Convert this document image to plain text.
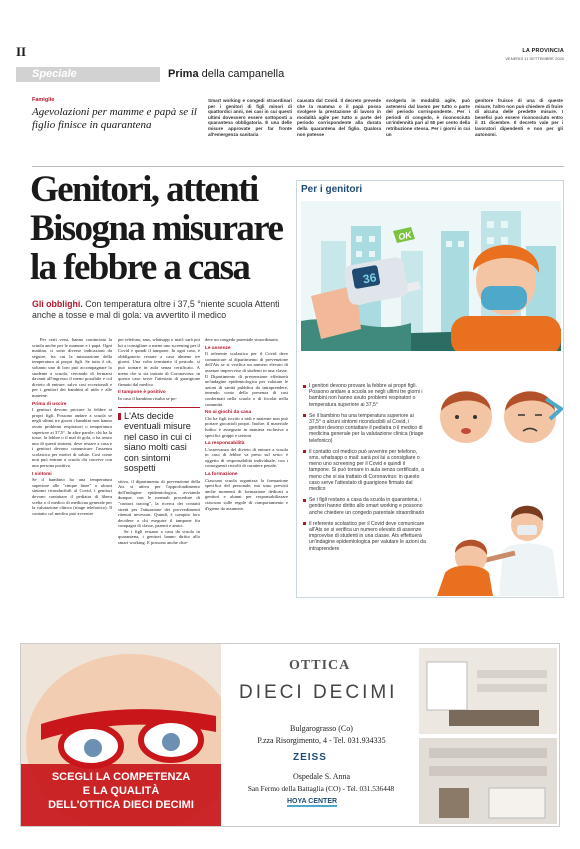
II	LA PROVINCIA
VENERDÌ 11 SETTEMBRE 2020
Speciale	Prima della campanella
Famiglie
Agevolazioni per mamme e papà se il figlio finisce in quarantena
Smart working e congedi straordinari per i genitori di figli minori di quattordici anni, nei casi in cui questi ultimi dovessero essere sottoposti a quarantena obbligatoria. È una delle misure approvate per far fronte all'emergenza sanitaria
causata dal Covid. Il decreto prevede che la mamma o il papà possa svolgere la prestazione di lavoro in modalità agile per tutto o parte del periodo corrispondente alla durata della quarantena del figlio. Qualora non potesse
svolgerla in modalità agile, può astenersi dal lavoro per tutto o parte del periodo corrispondente. Per i periodi di congedo, è riconosciuta un'indennità pari al 50 per cento della retribuzione stessa. Per i giorni in cui un
genitore fruisce di una di queste misure, l'altro non può chiedere di fruire di alcuna delle predette misure. I benefici può essere riconosciuto entro il 31 dicembre. Il decreto vale per i lavoratori dipendenti e non per gli autonomi.
Genitori, attenti
Bisogna misurare
la febbre a casa
Gli obblighi. Con temperatura oltre i 37,5 °niente scuola Attenti anche a tosse e mal di gola: va avvertito il medico

Per certi versi, hanno cominciato la scuola anche per le mamme e i papà. Ogni mattina, ci sono diverse indicazioni da seguire, fra cui la misurazione della temperatura ai propri figli. Se tutto è ok, soltanto uno di loro può accompagnare lo studente a scuola, cercando di fermarsi davanti all'ingresso il meno possibile e col divieto di entrare, salvo casi eccezionali e per i genitori dei bambini al nido e alle materne.

Prima di uscire

I genitori devono provare la febbre ai propri figli. Possono andare a scuola se negli ultimi tre giorni i bambini non hanno avuto problemi respiratori o temperatura superiore ai 37,5°. In altre parole: chi ha la tosse, la febbre o il mal di gola, o ha avuto uno di questi sintomi, deve restare a casa e i genitori devono comunicare l'assenza scolastica per motivi di salute. Così come non può entrare a scuola chi convive con una persona positiva.

I sintomi

Se il bambino ha una temperatura superiore alle "cinque linee" o alcuni sintomi riconducibili al Covid, i genitori devono contattare il pediatra di libera scelta o il medico di medicina generale per la valutazione clinica (triage telefonico). Il contatto col medico può avvenire

per telefono, sms, whatsapp o mail: sarà poi lui a consigliare o meno uno screening per il Covid e quindi il tampone. In ogni caso, è obbligatorio restare a casa almeno tre giorni. Una volta terminato il periodo, si può tornare in aula senza certificato. A meno che si sia trattato di Coronavirus: in questo caso serve l'attestato di guarigione firmato dal medico.

Il tampone è positivo

In caso il bambino risulta se po-

L'Ats decide eventuali misure nel caso in cui ci siano molti casi con sintomi sospetti

sitivo, il dipartimento di prevenzione della Ats si attiva per l'approfondimento dell'indagine epidemiologica, avviando dunque, con le normali procedure di "contact tracing", la ricerca dei contatti stretti per l'attuazione dei provvedimenti ritenuti necessari. Quindi, è compito loro decidere a chi eseguire il tampone fra compagni di classe, parenti e amici.

Se i figli restano a casa da scuola in quarantena, i genitori hanno diritto allo smart working. E possono anche chie-

dere un congedo parentale straordinario.

Le assenze

Il referente scolastico per il Covid deve comunicare al dipartimento di prevenzione dell'Ats se si verifica un numero elevato di assenze improvvise di studenti in una classe. Il Dipartimento di prevenzione effettuerà un'indagine epidemiologica per valutare le azioni di sanità pubblica da intraprendere, tenendo conto della presenza di casi confermati nella scuola o di focolai nella comunità.

No ai giochi da casa

Chi ha figli iscritti a nidi e materne non può portare giocattoli propri. Inoltre, il materiale ludico è assegnato in maniera esclusiva a specifici gruppi e sezioni.

La responsabilità

L'osservanza del divieto di entrare a scuola in caso di febbre va preso sul serio: è oggetto di responsabilità individuale, con i conseguenti risvolti di carattere penale.

La formazione

Ciascuna scuola organizza la formazione specifica del personale, ma sono previsti anche momenti di formazione dedicati a genitori e alunni per responsabilizzare ciascuno sulle regole di comportamento e d'igiene da assumere.

Per i genitori
36
OK
I genitori devono provare la febbre ai propri figli. Possono andare a scuola se negli ultimi tre giorni i bambini non hanno avuto problemi respiratori o temperatura superiore ai 37,5°
Se il bambino ha una temperatura superiore ai 37,5° o alcuni sintomi riconducibili al Covid, i genitori devono contattare il pediatra o il medico di medicina generale per la valutazione clinica (triage telefonico)
Il contatto col medico può avvenire per telefono, sms, whatsapp o mail: sarà poi lui a consigliare o meno uno screening per il Covid e quindi il tampone. Si può tornare in aula senza certificato, a meno che si sia trattato di Coronavirus: in questo caso serve l'attestato di guarigione firmato dal medico
Se i figli restano a casa da scuola in quarantena, i genitori hanno diritto allo smart working e possono anche chiedere un congedo parentale straordinario
Il referente scolastico per il Covid deve comunicare all'Ats se si verifica un numero elevato di assenze improvvise di studenti in una classe. Ats effettuerà un'indagine epidemiologica per valutare le azioni da intraprendere
SCEGLI LA COMPETENZA
E LA QUALITÀ
DELL'OTTICA DIECI DECIMI
OTTICA
DIECI DECIMI
Bulgarograsso (Co)
P.zza Risorgimento, 4 - Tel. 031.934335
ZEISS
Ospedale S. Anna
San Fermo della Battaglia (CO) - Tel. 031.536448
HOYA CENTER
